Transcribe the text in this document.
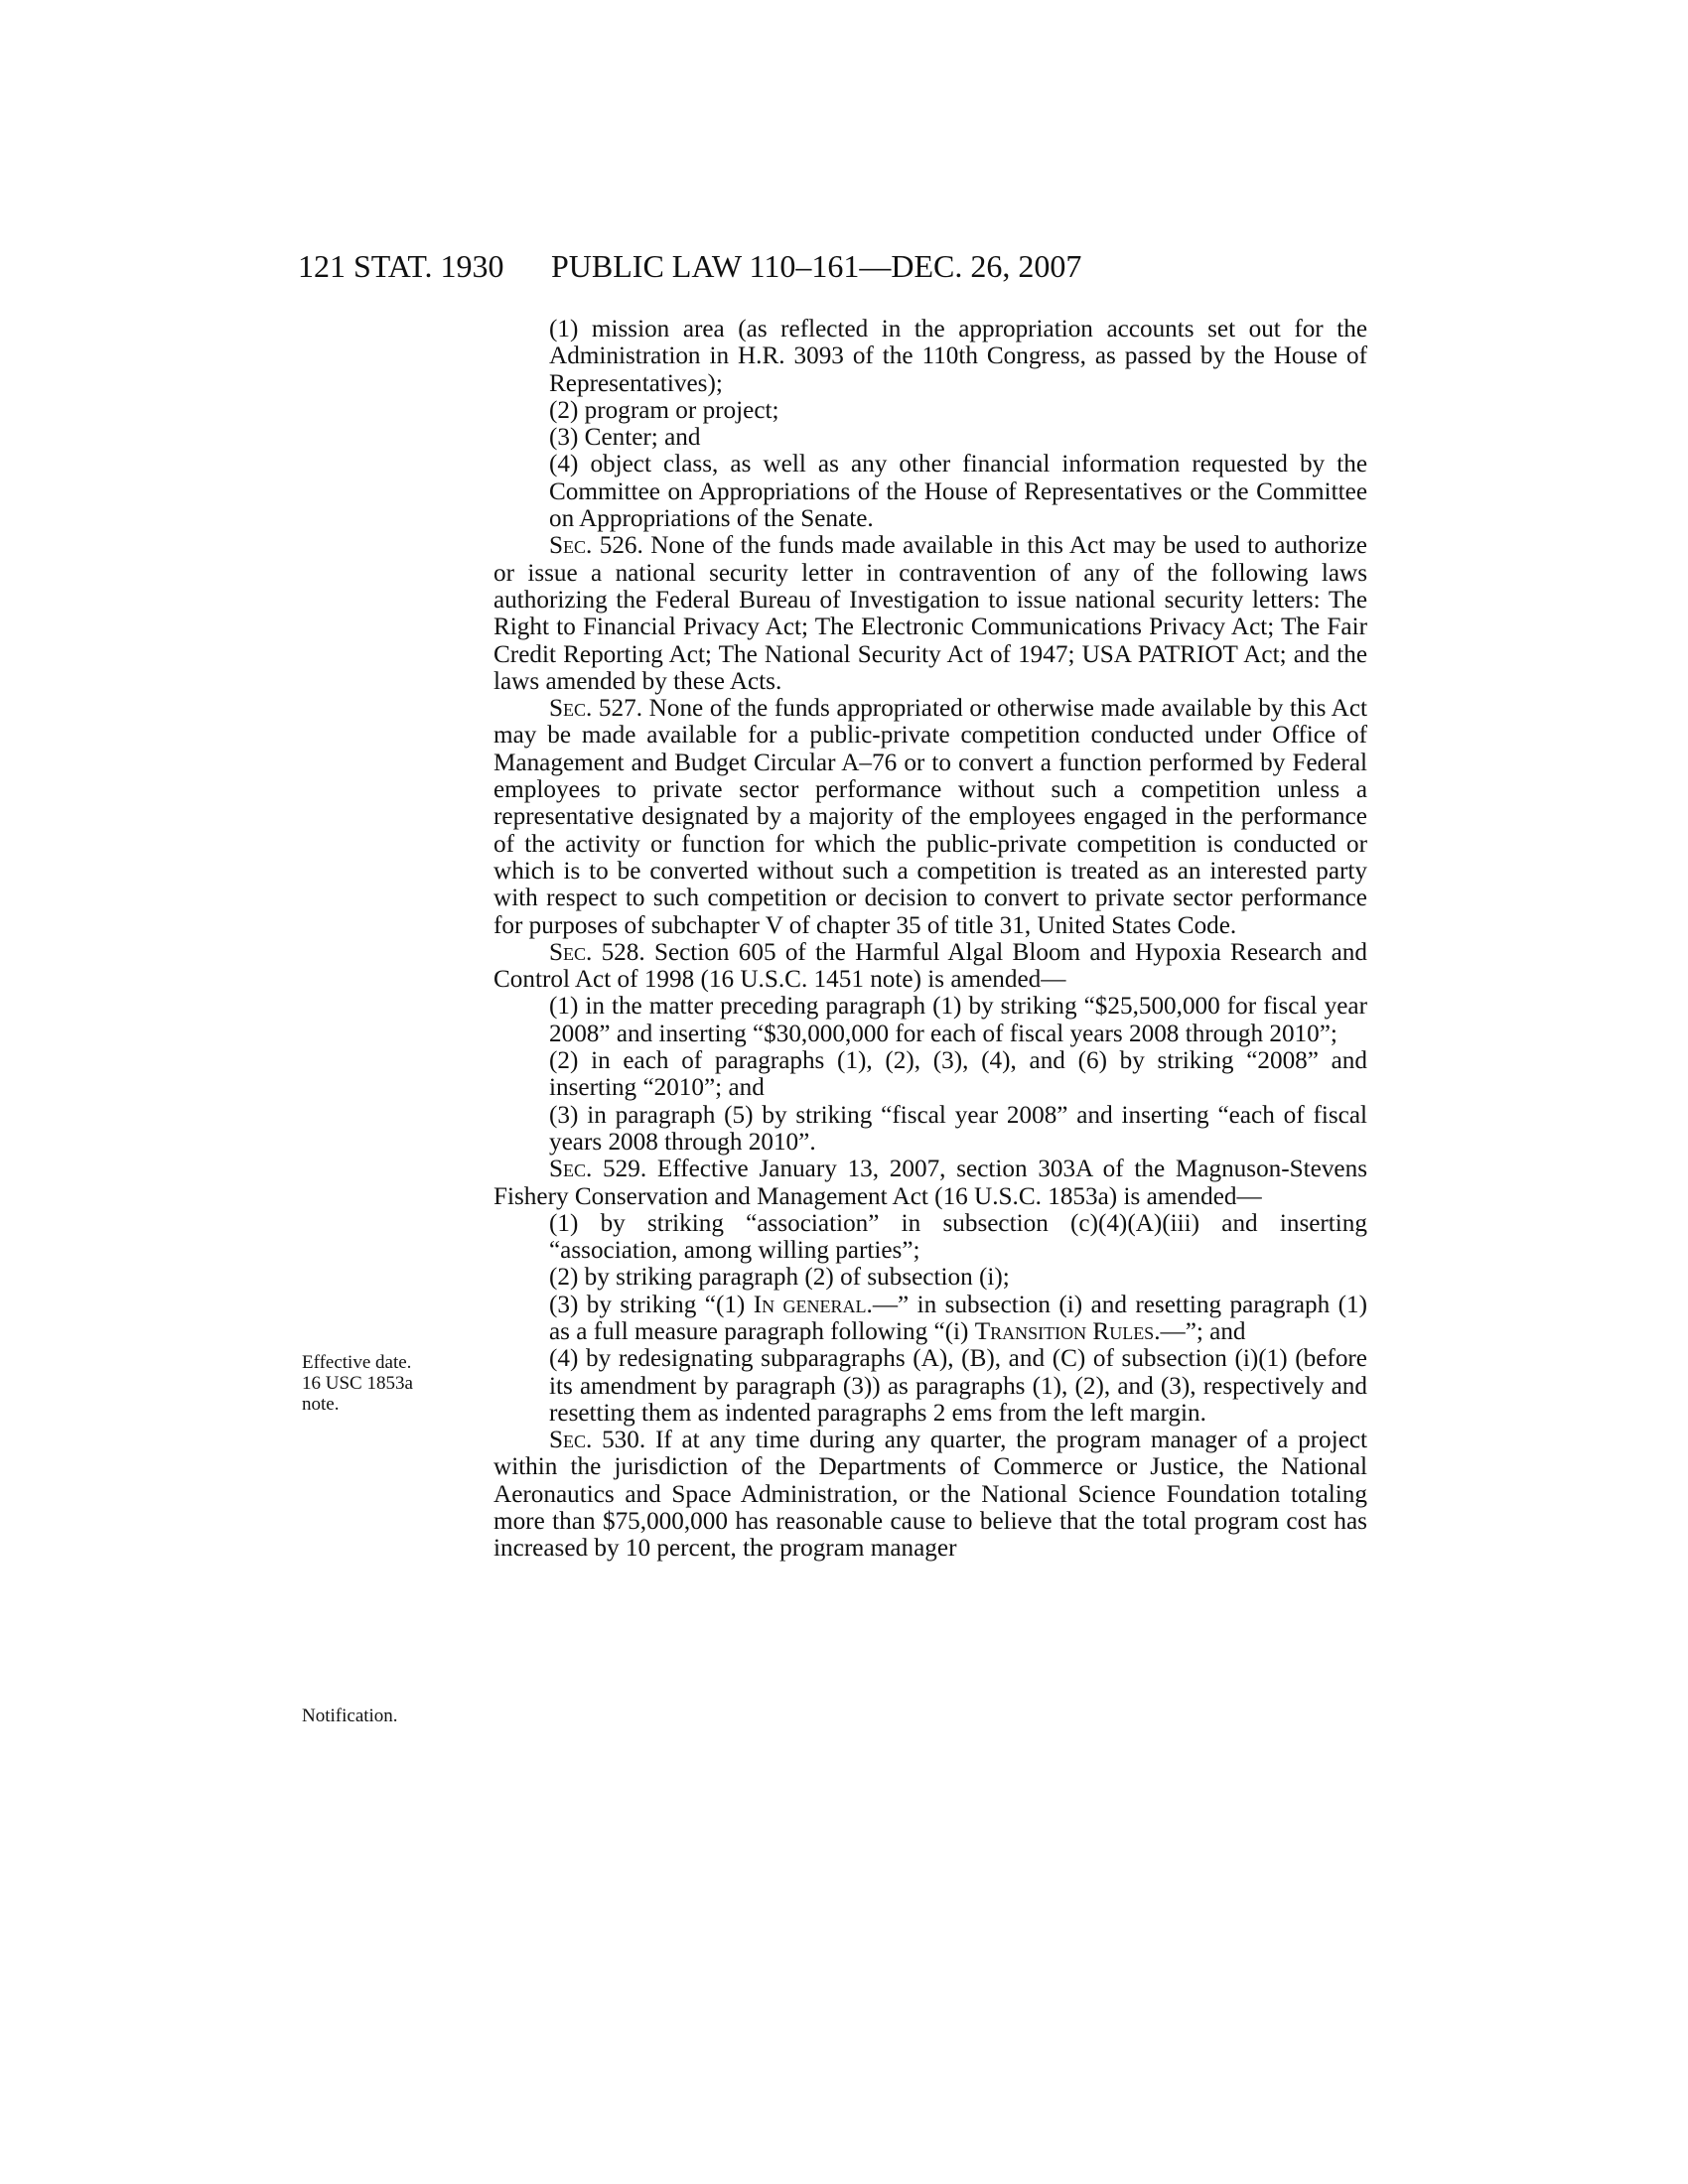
121 STAT. 1930 PUBLIC LAW 110–161—DEC. 26, 2007
Effective date.
16 USC 1853a
note.
Notification.

(1) mission area (as reflected in the appropriation accounts set out for the Administration in H.R. 3093 of the 110th Congress, as passed by the House of Representatives);

(2) program or project;

(3) Center; and

(4) object class, as well as any other financial information requested by the Committee on Appropriations of the House of Representatives or the Committee on Appropriations of the Senate.

Sec. 526. None of the funds made available in this Act may be used to authorize or issue a national security letter in contravention of any of the following laws authorizing the Federal Bureau of Investigation to issue national security letters: The Right to Financial Privacy Act; The Electronic Communications Privacy Act; The Fair Credit Reporting Act; The National Security Act of 1947; USA PATRIOT Act; and the laws amended by these Acts.

Sec. 527. None of the funds appropriated or otherwise made available by this Act may be made available for a public-private competition conducted under Office of Management and Budget Circular A–76 or to convert a function performed by Federal employees to private sector performance without such a competition unless a representative designated by a majority of the employees engaged in the performance of the activity or function for which the public-private competition is conducted or which is to be converted without such a competition is treated as an interested party with respect to such competition or decision to convert to private sector performance for purposes of subchapter V of chapter 35 of title 31, United States Code.

Sec. 528. Section 605 of the Harmful Algal Bloom and Hypoxia Research and Control Act of 1998 (16 U.S.C. 1451 note) is amended—

(1) in the matter preceding paragraph (1) by striking “$25,500,000 for fiscal year 2008” and inserting “$30,000,000 for each of fiscal years 2008 through 2010”;

(2) in each of paragraphs (1), (2), (3), (4), and (6) by striking “2008” and inserting “2010”; and

(3) in paragraph (5) by striking “fiscal year 2008” and inserting “each of fiscal years 2008 through 2010”.

Sec. 529. Effective January 13, 2007, section 303A of the Magnuson-Stevens Fishery Conservation and Management Act (16 U.S.C. 1853a) is amended—

(1) by striking “association” in subsection (c)(4)(A)(iii) and inserting “association, among willing parties”;

(2) by striking paragraph (2) of subsection (i);

(3) by striking “(1) In general.—” in subsection (i) and resetting paragraph (1) as a full measure paragraph following “(i) Transition Rules.—”; and

(4) by redesignating subparagraphs (A), (B), and (C) of subsection (i)(1) (before its amendment by paragraph (3)) as paragraphs (1), (2), and (3), respectively and resetting them as indented paragraphs 2 ems from the left margin.

Sec. 530. If at any time during any quarter, the program manager of a project within the jurisdiction of the Departments of Commerce or Justice, the National Aeronautics and Space Administration, or the National Science Foundation totaling more than $75,000,000 has reasonable cause to believe that the total program cost has increased by 10 percent, the program manager
